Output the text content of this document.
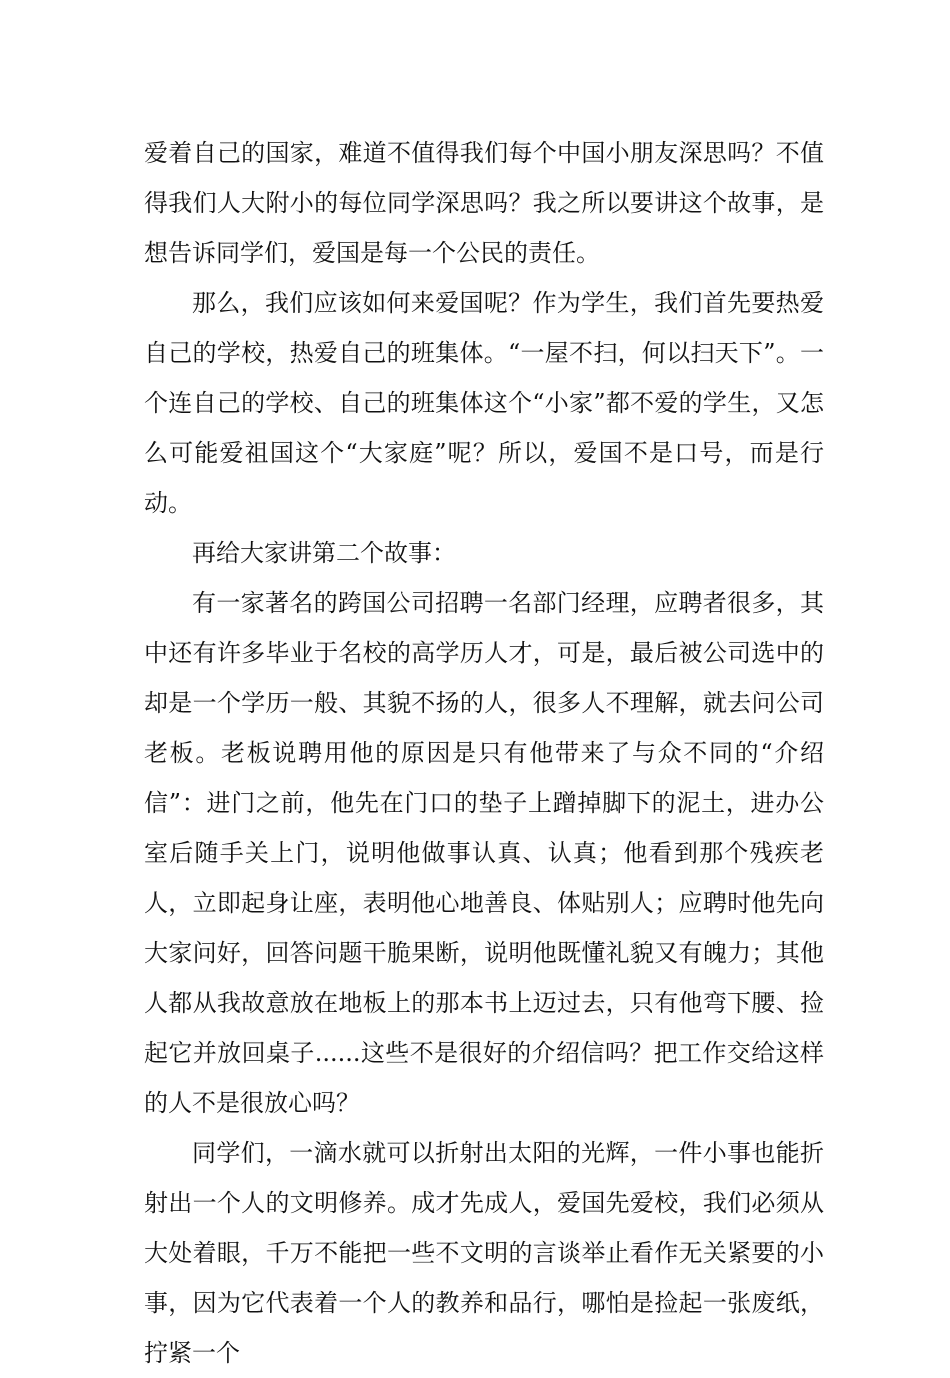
爱着自己的国家，难道不值得我们每个中国小朋友深思吗？不值得我们人大附小的每位同学深思吗？我之所以要讲这个故事，是想告诉同学们，爱国是每一个公民的责任。

那么，我们应该如何来爱国呢？作为学生，我们首先要热爱自己的学校，热爱自己的班集体。“一屋不扫，何以扫天下”。一个连自己的学校、自己的班集体这个“小家”都不爱的学生，又怎么可能爱祖国这个“大家庭”呢？所以，爱国不是口号，而是行动。

再给大家讲第二个故事：

有一家著名的跨国公司招聘一名部门经理，应聘者很多，其中还有许多毕业于名校的高学历人才，可是，最后被公司选中的却是一个学历一般、其貌不扬的人，很多人不理解，就去问公司老板。老板说聘用他的原因是只有他带来了与众不同的“介绍信”：进门之前，他先在门口的垫子上蹭掉脚下的泥土，进办公室后随手关上门，说明他做事认真、认真；他看到那个残疾老人，立即起身让座，表明他心地善良、体贴别人；应聘时他先向大家问好，回答问题干脆果断，说明他既懂礼貌又有魄力；其他人都从我故意放在地板上的那本书上迈过去，只有他弯下腰、捡起它并放回桌子......这些不是很好的介绍信吗？把工作交给这样的人不是很放心吗？

同学们，一滴水就可以折射出太阳的光辉，一件小事也能折射出一个人的文明修养。成才先成人，爱国先爱校，我们必须从大处着眼，千万不能把一些不文明的言谈举止看作无关紧要的小事，因为它代表着一个人的教养和品行，哪怕是捡起一张废纸，拧紧一个
